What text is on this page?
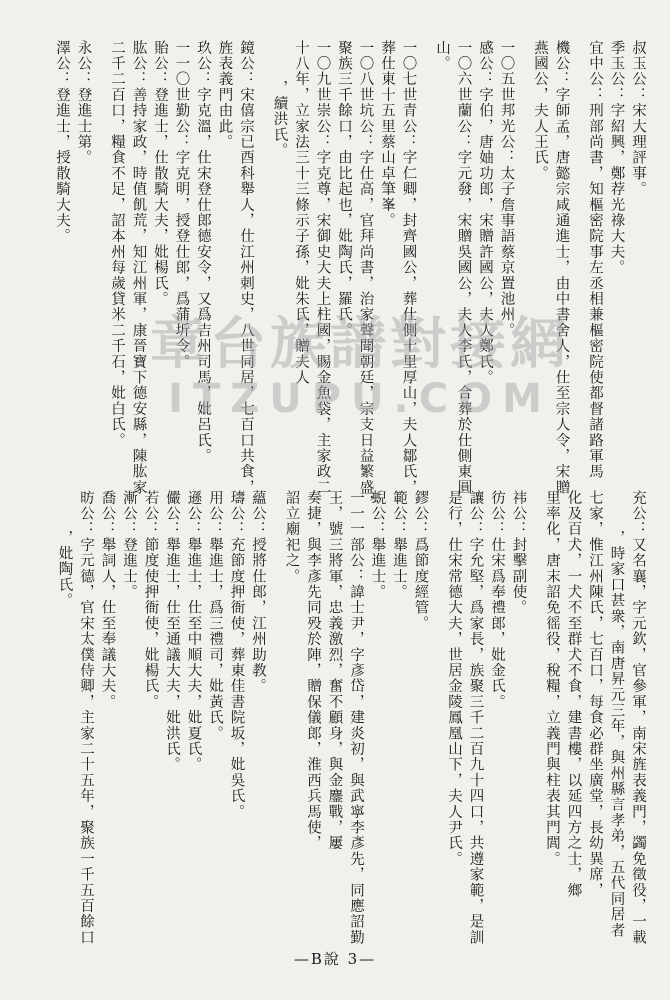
叔玉公：宋大理評事。
季玉公：字紹興，鄭荐光祿大夫。
宜中公：刑部尚書，知樞密院事左丞相兼樞密院使都督諸路軍馬
機公：字師孟，唐懿宗咸通進士，由中書舍人，仕至宗人令，宋贈
燕國公，夫人王氏。
一〇五世邦光公：太子詹事語蔡京置池州。
感公：字伯，唐妯功郎，宋贈許國公，夫人鄭氏。
一〇六世蘭公：字元發，宋贈吳國公，夫人李氏，合葬於仕側東圓
山。
一〇七世青公：字仁卿，封齊國公，葬仕側十里厚山，夫人鄒氏，
葬仕東十五里蔡山卓筆峯。
一〇八世坑公：字仕高，官拜尚書，治家聲聞朝廷，宗支日益繁盛，
聚族三千餘口，由比起也，妣陶氏，羅氏。
一〇九世崇公：字克尊，宋御史大夫上柱國，賜金魚袋，主家政二
十八年，立家法三十三條示子孫，妣朱氏，贈夫人
，續洪氏。
鏡公：宋僖宗已酉科舉人，仕江州刺史，八世同居，七百口共食，
旌表義門由此。
玖公：字克溫，仕宋登仕郎德安令，又爲吉州司馬，妣呂氏。
一一〇世勤公：字克明，授登仕郎，爲蒲圻令。
貽公：登進士，仕散騎大夫，妣楊氏。
肱公：善持家政，時值飢荒，知江州軍，康晉寶下德安縣，陳肱家
二千二百口，糧食不足，詔本州每歲貸米二千石，妣白氏。
永公：登進士第。
澤公：登進士，授散騎大夫。
充公：又名襄，字元欽，官參軍，南宋旌表義門，蠲免徵役，一載
，時家口甚衆，南唐昇元三年，與州縣言孝弟，五代同居者
七家，惟江州陳氏，七百口，每食必群坐廣堂，長幼異席，
化及百犬，一犬不至群犬不食，建書樓，以延四方之士，鄉
里率化，唐末詔免徭役，稅糧，立義門與柱表其門閭。
祎公：封擊副使。
彷公：仕宋爲奉禮郎，妣金氏。
讓公：字允堅，爲家長，族聚三千二百九十四口，共遵家範，是訓
是行，仕宋常德大夫，世居金陵鳳凰山下，夫人尹氏。
鏐公：爲節度經管。
範公：舉進士。
蜺公：舉進士。
一一一部公：諱士尹，字彥岱，建炎初，與武寧李彥先，同應詔勤
王，號三將軍，忠義激烈，奮不顧身，與金鏖戰，屢
奏捷，與李彥先同殁於陣，贈保儀郎，淮西兵馬使，
詔立廟祀之。
蘊公：授將仕郎，江州助教。
璹公：充節度押衙使，葬東佳書院坂，妣吳氏。
用公：舉進士，爲三禮司，妣黃氏。
遜公：舉進士，仕至中順大夫，妣夏氏。
儼公：舉進士，仕至通議大夫，妣洪氏。
若公：節度使押衙使，妣楊氏。
漸公：登進士。
喬公：舉詞人，仕至奉議大夫。
昉公：字元德，官宋太僕侍卿，主家二十五年，聚族一千五百餘口
，妣陶氏。
章台族譜對接網
ITZUPU.COM
—B說 3—
